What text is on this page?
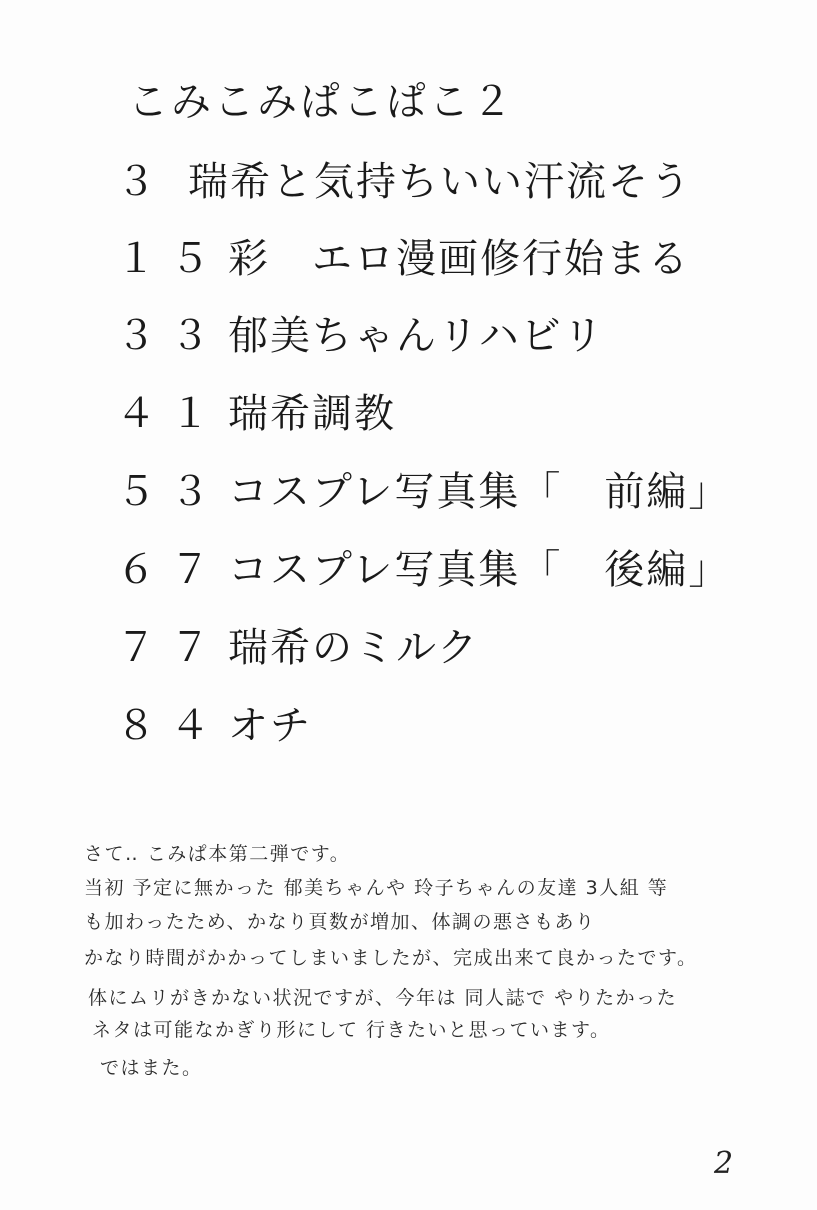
こみこみぱこぱこ２
３ 瑞希と気持ちいい汗流そう
１５ 彩　エロ漫画修行始まる
３３ 郁美ちゃんリハビリ
４１ 瑞希調教
５３ コスプレ写真集「　前編」
６７ コスプレ写真集「　後編」
７７ 瑞希のミルク
８４ オチ
さて‥ こみぱ本第二弾です。
当初 予定に無かった 郁美ちゃんや 玲子ちゃんの友達 3人組 等
も加わったため、かなり頁数が増加、体調の悪さもあり
かなり時間がかかってしまいましたが、完成出来て良かったです。
体にムリがきかない状況ですが、今年は 同人誌で やりたかった
ネタは可能なかぎり形にして 行きたいと思っています。
ではまた。
2
